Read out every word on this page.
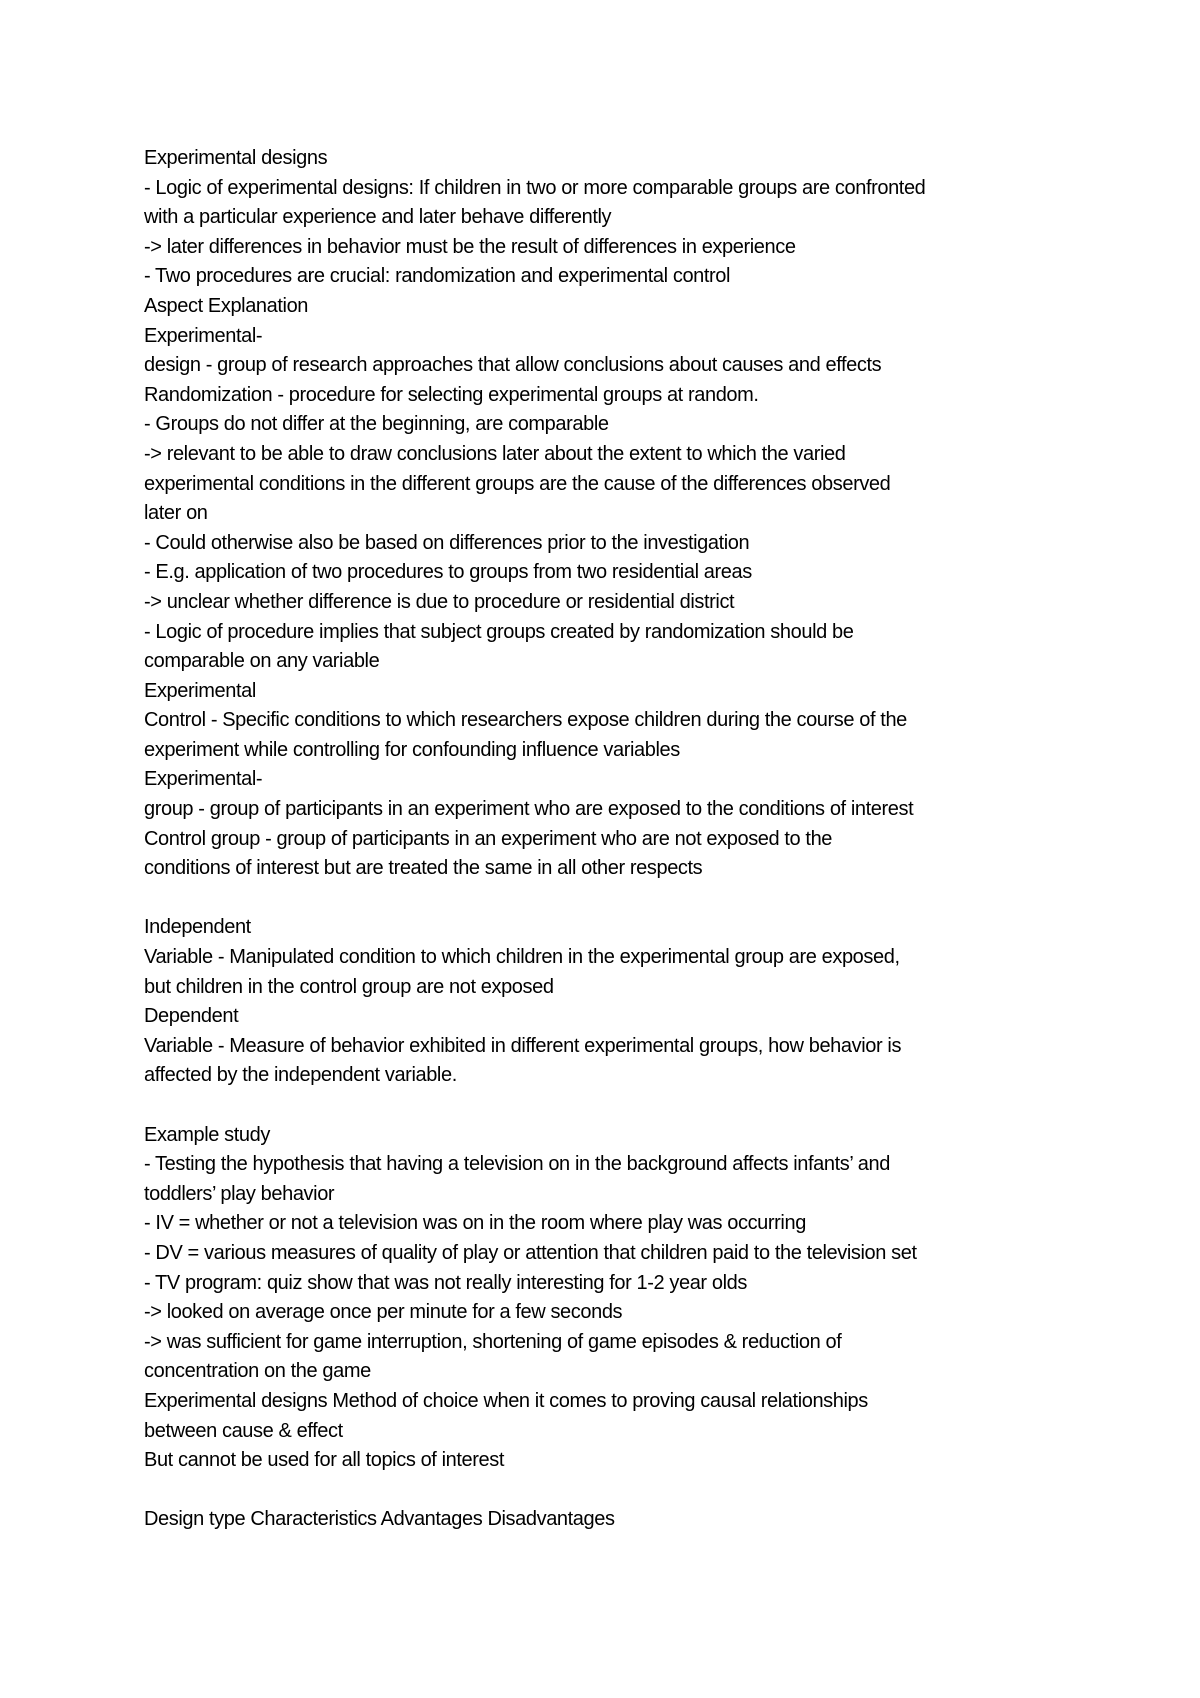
Experimental designs
- Logic of experimental designs: If children in two or more comparable groups are confronted
with a particular experience and later behave differently
-> later differences in behavior must be the result of differences in experience
- Two procedures are crucial: randomization and experimental control
Aspect Explanation
Experimental-
design - group of research approaches that allow conclusions about causes and effects
Randomization - procedure for selecting experimental groups at random.
- Groups do not differ at the beginning, are comparable
-> relevant to be able to draw conclusions later about the extent to which the varied
experimental conditions in the different groups are the cause of the differences observed
later on
- Could otherwise also be based on differences prior to the investigation
- E.g. application of two procedures to groups from two residential areas
-> unclear whether difference is due to procedure or residential district
- Logic of procedure implies that subject groups created by randomization should be
comparable on any variable
Experimental
Control - Specific conditions to which researchers expose children during the course of the
experiment while controlling for confounding influence variables
Experimental-
group - group of participants in an experiment who are exposed to the conditions of interest
Control group - group of participants in an experiment who are not exposed to the
conditions of interest but are treated the same in all other respects
Independent
Variable - Manipulated condition to which children in the experimental group are exposed,
but children in the control group are not exposed
Dependent
Variable - Measure of behavior exhibited in different experimental groups, how behavior is
affected by the independent variable.
Example study
- Testing the hypothesis that having a television on in the background affects infants’ and
toddlers’ play behavior
- IV = whether or not a television was on in the room where play was occurring
- DV = various measures of quality of play or attention that children paid to the television set
- TV program: quiz show that was not really interesting for 1-2 year olds
-> looked on average once per minute for a few seconds
-> was sufficient for game interruption, shortening of game episodes & reduction of
concentration on the game
Experimental designs Method of choice when it comes to proving causal relationships
between cause & effect
But cannot be used for all topics of interest
Design type Characteristics Advantages Disadvantages
